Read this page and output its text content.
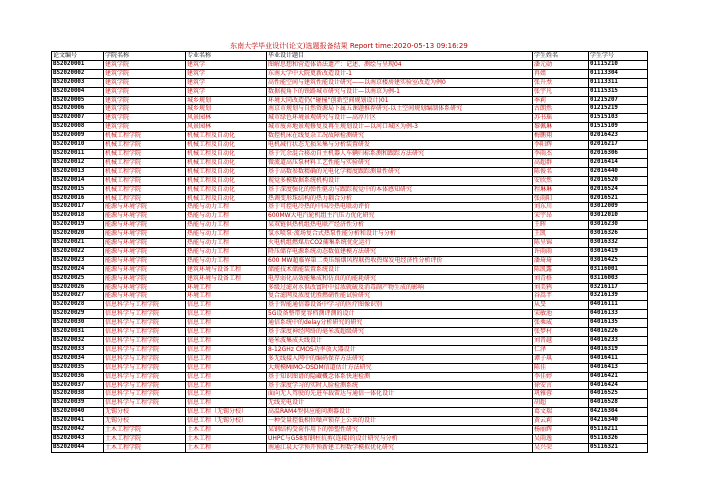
东南大学毕业设计(论文)选题报备结果 Report time:2020-05-13 09:16:29
论文编号	学院名称	专业名称	毕业设计题目	学生姓名	学生学号
BS2020001	建筑学院	建筑学	图解思想和营造体语法遗产：记述、测绘与呈现04	潘元勋	01115210
BS2020002	建筑学院	建筑学	东南大学中大院更新改造设计-1	冉姐	01113304
BS2020003	建筑学院	建筑学	高性能空间与建筑性能设计研究——以南京楼房建实验室改造为例0	张升焘	01113311
BS2020004	建筑学院	建筑学	数据视角下的铁路城市研究与设计—以南京为例-1	张宇凡	01115315
BS2020005	建筑学院	城乡规划	环境大同改造仍(“碰撞”创新空间规划设计)01	季莉	01215207
BS2020006	建筑学院	城乡规划	南京市规划与自然资源局下属五课题推荐研究-以土空间规划编制体系研究	古朗然	01215219
BS2020007	建筑学院	风景园林	城市绿色环境景观研究与设计—高淳片区	苏书瑶	01515103
BS2020008	建筑学院	风景园林	城市废弃地景观修复及再生规划设计—以河口城区为例-3	黎佩琳	01515109
BS2020009	机械工程学院	机械工程及自动化	数控机床在线复杂工况故障检测研究	梅鹏翔	02016423
BS2020010	机械工程学院	机械工程及自动化	电机减行状态无损采集与分析装置研发	李阳辉	02016217
BS2020011	机械工程学院	机械工程及自动化	基于冗余混合移动自主机器人车辆归标系测和跟踪方法研究	李雨杰	02016306
BS2020012	机械工程学院	机械工程及自动化	微流道高压泵材料工艺性能与实验研究	高超群	02016414
BS2020013	机械工程学院	机械工程及自动化	基于高数参数精确的光电化学精度跟踪测量性研究	陈俊名	02016440
BS2020014	机械工程学院	机械工程及自动化	视觉多模数据系统机构设计	安欣然	02016520
BS2020015	机械工程学院	机械工程及自动化	基于深度强化的弹性驱动与跟踪视觉中的本体感知研究	程琳琳	02016524
BS2020016	机械工程学院	机械工程及自动化	热调变形珠结构的热力耦合分析	张雨阳	02016521
BS2020017	能源与环境学院	热能与动力工程	基于可控电冷热的中国冷热电联动评价	刘东川	03012009
BS2020018	能源与环境学院	热能与动力工程	600MW大电汽轮机组主汽压力优化研究	宋宇昂	03012010
BS2020019	能源与环境学院	热能与动力工程	某双链供热机组热电联产经济性分析	王晖	03016230
BS2020020	能源与环境学院	热能与动力工程	氢水喷泵·流场复合式热泵性能分析和设计与分析	王凯	03016326
BS2020021	能源与环境学院	热能与动力工程	火电机组燃煤后CO2捕集系统优化运行	陈呈锦	03016332
BS2020022	能源与环境学院	热能与动力工程	降压储存电源系统动态数值建模方法研究	许雨雨	03016419
BS2020023	能源与环境学院	热能与动力工程	600 MW超临界第二类压缩烟风程联热收热煤发电经济性分析评价	潘琦琦	03016425
BS2020024	能源与环境学院	建筑环境与设备工程	储能技术储能装置系统设计	陈凯露	03116001
BS2020025	能源与环境学院	建筑环境与设备工程	电厚弱化高效能集成和仿真的的能耗研究	刘青格	03116003
BS2020026	能源与环境学院	环境工程	多级过滤对水供改富时中贫浓就硫及消毒副产物生成的影响	刘美鸦	03216117
BS2020027	能源与环境学院	环境工程	复合滤网及浓度优胜燃硝性能试验研究	谷嵩芊	03216139
BS2020028	信息科学与工程学院	信息工程	基于智能通信器设备中学习的医疗图像识别	从旻	04016111
BS2020029	信息科学与工程学院	信息工程	5G设备整带宽容档测评测的设计	宋敏池	04016133
BS2020030	信息科学与工程学院	信息工程	通信系统中的delay分析研究的研究	张乘威	04016135
BS2020031	信息科学与工程学院	信息工程	基于深度神经网络的毫米波超级研究	张梦村	04016226
BS2020032	信息科学与工程学院	信息工程	毫米波集成天线设计	刘昔越	04016233
BS2020033	信息科学与工程学院	信息工程	8-12GHz CMOS功率放大器设计	仁泽	04016319
BS2020034	信息科学与工程学院	信息工程	多无线接入网中的编码保存方法研究	谭子琪	04016411
BS2020035	信息科学与工程学院	信息工程	大规模MIMO-OSDM信道估计方法研究	陈佳	04016413
BS2020036	信息科学与工程学院	信息工程	基于知识图谱的隐藏概念体系快速检测	李佳婷	04016421
BS2020037	信息科学与工程学院	信息工程	基于深度学习的实时人脸检测系统	徐安言	04016424
BS2020038	信息科学与工程学院	信息工程	面向无人驾驶的先进车载雷达与通信一体化设计	巩雅蓉	04016525
BS2020039	信息科学与工程学院	信息工程	无线充电设计	胡超	04016528
BS2020040	无锡分校	信息工程（无锡分校）	高温RAM4型供应能问测器设计	葛文瑞	04216304
BS2020041	无锡分校	信息工程（无锡分校）	一种受量控低相位噪声锁存上公共的设计	黄云莉	04216340
BS2020042	土木工程学院	土木工程	某钢结构受荷作用下的弹塑性研究	杨丽辉	05116211
BS2020043	土木工程学院	土木工程	UHPC与G58加钢柱抗剪(连接)的设计研究与分析	吴雨逸	05116326
BS2020044	土木工程学院	土木工程	南通江泉大学预开预新建工程数学模拟优化研究	吴兴荣	05116321
